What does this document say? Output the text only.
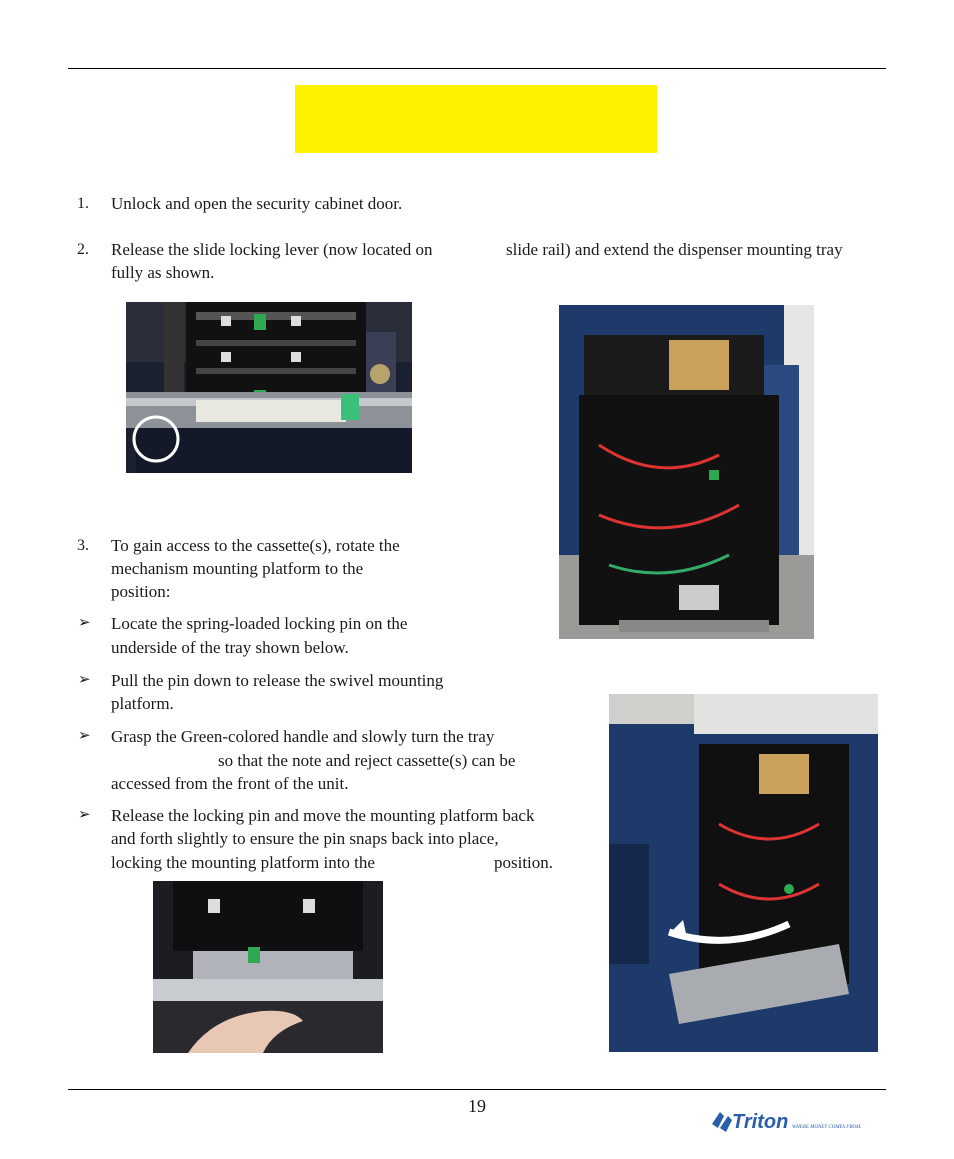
1. Unlock and open the security cabinet door.
2. Release the slide locking lever (now located on	slide rail) and extend the dispenser mounting tray
fully as shown.
3. To gain access to the cassette(s), rotate the
mechanism mounting platform to the
position:
➢ Locate the spring-loaded locking pin on the
underside of the tray shown below.
➢ Pull the pin down to release the swivel mounting
platform.
➢ Grasp the Green-colored handle and slowly turn the tray
so that the note and reject cassette(s) can be
accessed from the front of the unit.
➢ Release the locking pin and move the mounting platform back
and forth slightly to ensure the pin snaps back into place,
locking the mounting platform into the	position.
19
Triton WHERE MONEY COMES FROM.
